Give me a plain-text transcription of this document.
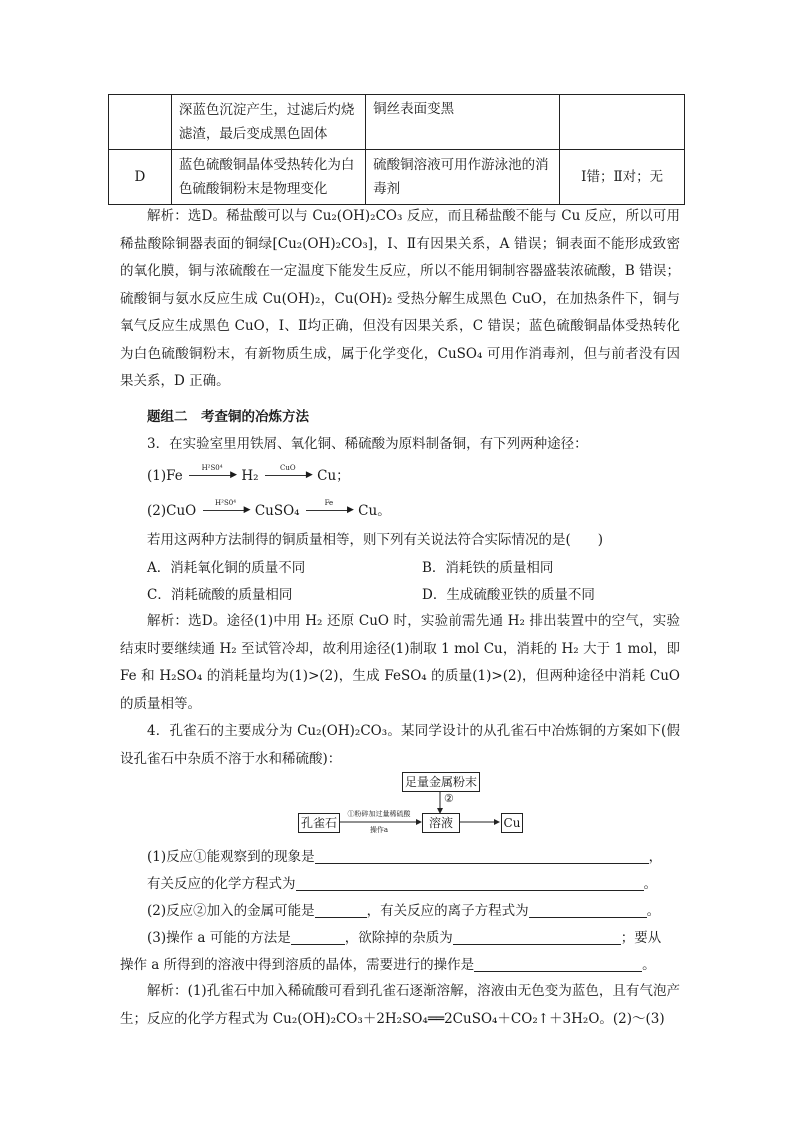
	深蓝色沉淀产生，过滤后灼烧滤渣，最后变成黑色固体	铜丝表面变黑	
D	蓝色硫酸铜晶体受热转化为白色硫酸铜粉末是物理变化	硫酸铜溶液可用作游泳池的消毒剂	Ⅰ错；Ⅱ对；无
解析：选D。稀盐酸可以与 Cu₂(OH)₂CO₃ 反应，而且稀盐酸不能与 Cu 反应，所以可用稀盐酸除铜器表面的铜绿[Cu₂(OH)₂CO₃]，Ⅰ、Ⅱ有因果关系，A 错误；铜表面不能形成致密的氧化膜，铜与浓硫酸在一定温度下能发生反应，所以不能用铜制容器盛装浓硫酸，B 错误；硫酸铜与氨水反应生成 Cu(OH)₂，Cu(OH)₂ 受热分解生成黑色 CuO，在加热条件下，铜与氧气反应生成黑色 CuO，Ⅰ、Ⅱ均正确，但没有因果关系，C 错误；蓝色硫酸铜晶体受热转化为白色硫酸铜粉末，有新物质生成，属于化学变化，CuSO₄ 可用作消毒剂，但与前者没有因果关系，D 正确。
题组二　考查铜的冶炼方法
3．在实验室里用铁屑、氧化铜、稀硫酸为原料制备铜，有下列两种途径：
(1)Fe	H²S0⁴
▶ H₂	CuO
▶ Cu；
(2)CuO	H²S0⁴
▶ CuSO₄	Fe
▶ Cu。
若用这两种方法制得的铜质量相等，则下列有关说法符合实际情况的是(　　)
A．消耗氧化铜的质量不同	B．消耗铁的质量相同
C．消耗硫酸的质量相同	D．生成硫酸亚铁的质量不同
解析：选D。途径(1)中用 H₂ 还原 CuO 时，实验前需先通 H₂ 排出装置中的空气，实验结束时要继续通 H₂ 至试管冷却，故利用途径(1)制取 1 mol Cu，消耗的 H₂ 大于 1 mol，即 Fe 和 H₂SO₄ 的消耗量均为(1)>(2)，生成 FeSO₄ 的质量(1)>(2)，但两种途径中消耗 CuO 的质量相等。
4．孔雀石的主要成分为 Cu₂(OH)₂CO₃。某同学设计的从孔雀石中冶炼铜的方案如下(假设孔雀石中杂质不溶于水和稀硫酸)：
足量金属粉末
②
孔雀石
①粉碎加过量稀硫酸
操作a	溶液	Cu
(1)反应①能观察到的现象是	，
有关反应的化学方程式为	。
(2)反应②加入的金属可能是	，有关反应的离子方程式为	。
(3)操作 a 可能的方法是	，欲除掉的杂质为	；要从
操作 a 所得到的溶液中得到溶质的晶体，需要进行的操作是	。
解析：(1)孔雀石中加入稀硫酸可看到孔雀石逐渐溶解，溶液由无色变为蓝色，且有气泡产生；反应的化学方程式为 Cu₂(OH)₂CO₃＋2H₂SO₄══2CuSO₄＋CO₂↑＋3H₂O。(2)～(3)
